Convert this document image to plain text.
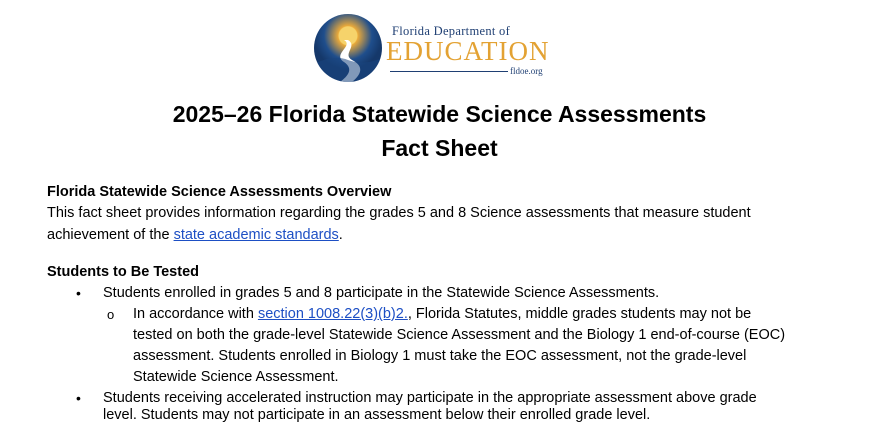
Florida Department of
EDUCATION
fldoe.org
2025–26 Florida Statewide Science Assessments
Fact Sheet
Florida Statewide Science Assessments Overview
This fact sheet provides information regarding the grades 5 and 8 Science assessments that measure student
achievement of the state academic standards.
Students to Be Tested
• Students enrolled in grades 5 and 8 participate in the Statewide Science Assessments.
o In accordance with section 1008.22(3)(b)2., Florida Statutes, middle grades students may not be
tested on both the grade-level Statewide Science Assessment and the Biology 1 end-of-course (EOC)
assessment. Students enrolled in Biology 1 must take the EOC assessment, not the grade-level
Statewide Science Assessment.
• Students receiving accelerated instruction may participate in the appropriate assessment above grade
level. Students may not participate in an assessment below their enrolled grade level.
